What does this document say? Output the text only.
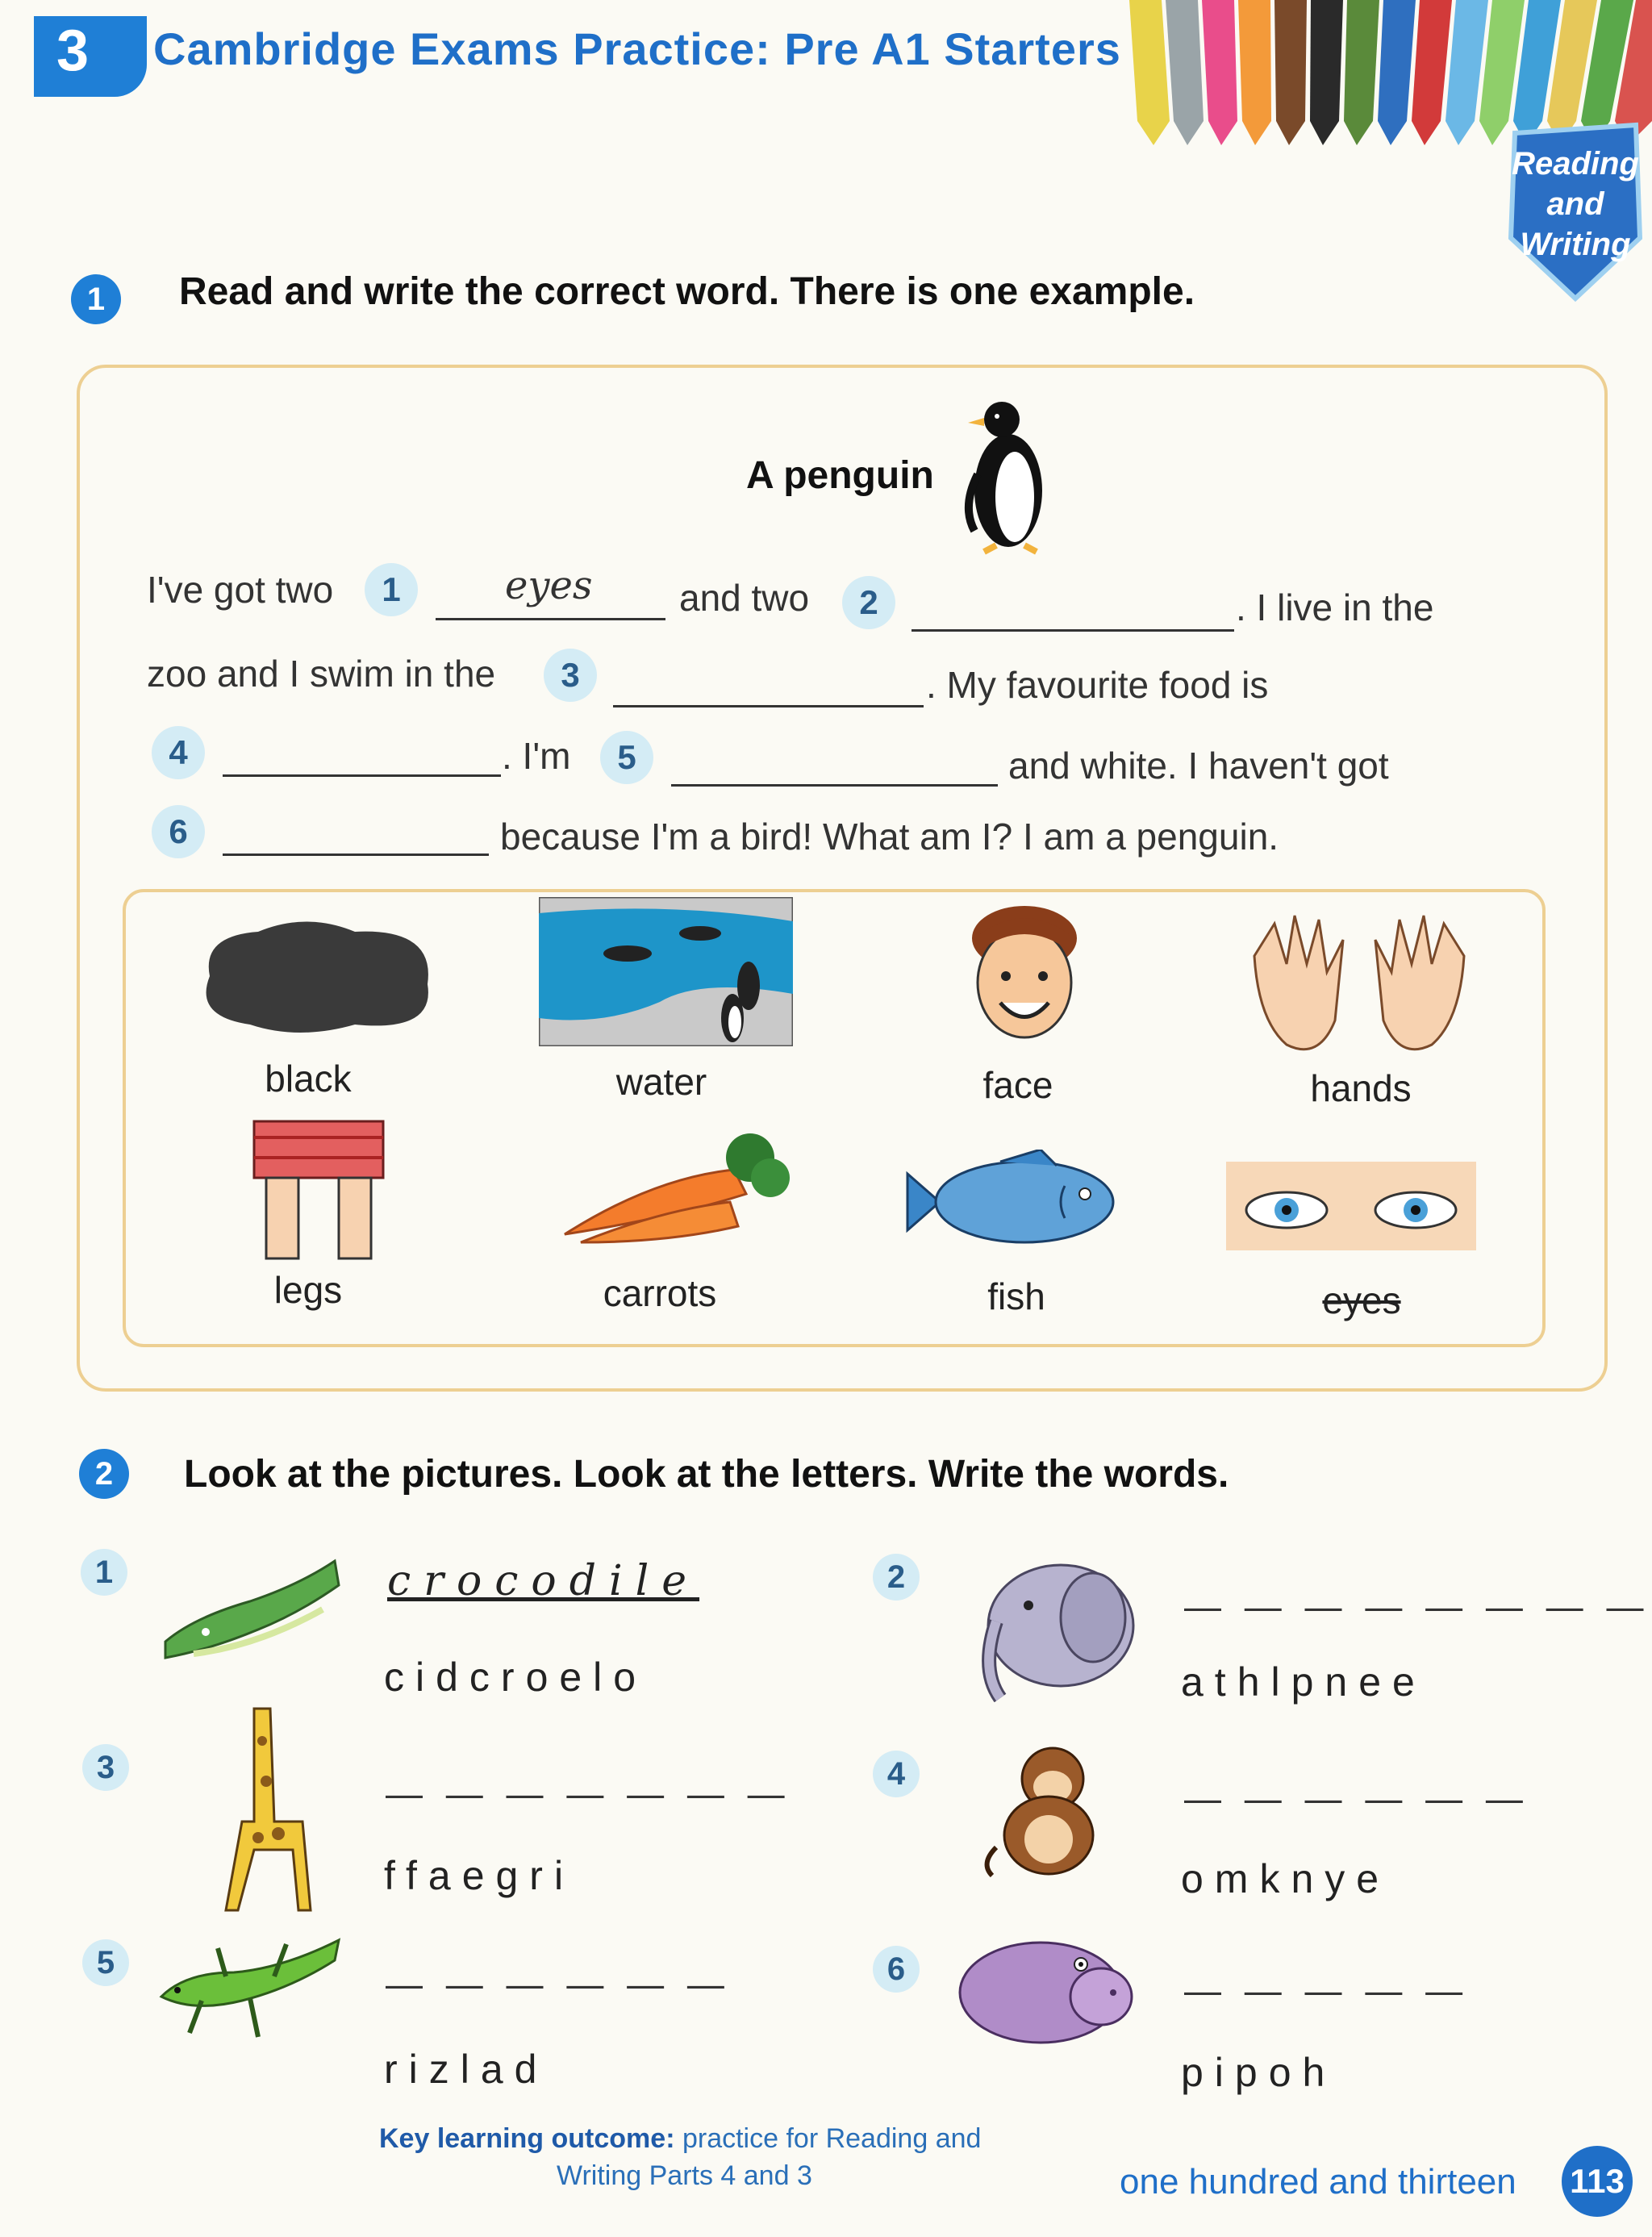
3 Cambridge Exams Practice: Pre A1 Starters
Reading
and
Writing
1	Read and write the correct word. There is one example.
A penguin
I've got two	1	eyes and two	2	. I live in the
zoo and I swim in the	3	. My favourite food is
4	. I'm	5	and white. I haven't got
6	because I'm a bird! What am I? I am a penguin.
black	water	face	hands
legs	carrots	fish	eyes
2	Look at the pictures. Look at the letters. Write the words.
1	crocodile
cidcroelo
2
— — — — — — — —
athlpnee
3
— — — — — — —
ffaegri
4
— — — — — —
omknye
5	— — — — — —
rizlad
6	— — — — —
pipoh
Key learning outcome: practice for Reading and
Writing Parts 4 and 3	one hundred and thirteen 113
